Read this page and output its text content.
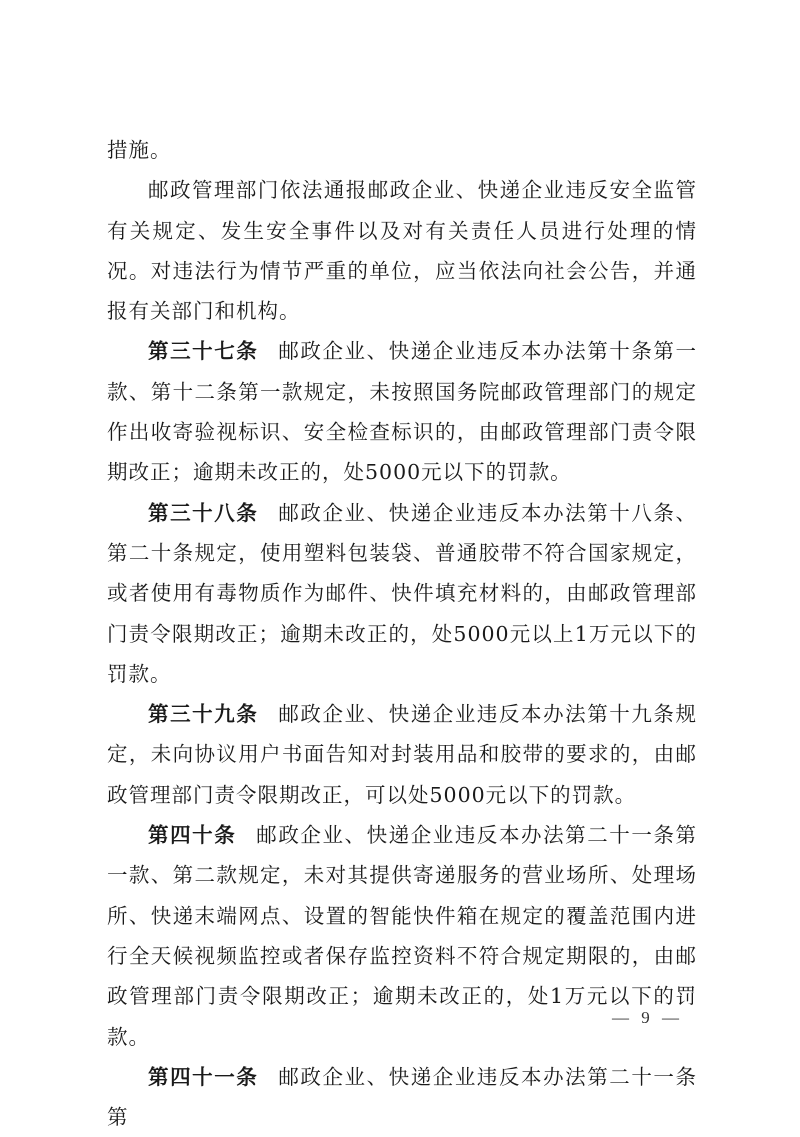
措施。

邮政管理部门依法通报邮政企业、快递企业违反安全监管有关规定、发生安全事件以及对有关责任人员进行处理的情况。对违法行为情节严重的单位，应当依法向社会公告，并通报有关部门和机构。

第三十七条 邮政企业、快递企业违反本办法第十条第一款、第十二条第一款规定，未按照国务院邮政管理部门的规定作出收寄验视标识、安全检查标识的，由邮政管理部门责令限期改正；逾期未改正的，处5000元以下的罚款。

第三十八条 邮政企业、快递企业违反本办法第十八条、第二十条规定，使用塑料包装袋、普通胶带不符合国家规定，或者使用有毒物质作为邮件、快件填充材料的，由邮政管理部门责令限期改正；逾期未改正的，处5000元以上1万元以下的罚款。

第三十九条 邮政企业、快递企业违反本办法第十九条规定，未向协议用户书面告知对封装用品和胶带的要求的，由邮政管理部门责令限期改正，可以处5000元以下的罚款。

第四十条 邮政企业、快递企业违反本办法第二十一条第一款、第二款规定，未对其提供寄递服务的营业场所、处理场所、快递末端网点、设置的智能快件箱在规定的覆盖范围内进行全天候视频监控或者保存监控资料不符合规定期限的，由邮政管理部门责令限期改正；逾期未改正的，处1万元以下的罚款。

第四十一条 邮政企业、快递企业违反本办法第二十一条第

— 9 —
